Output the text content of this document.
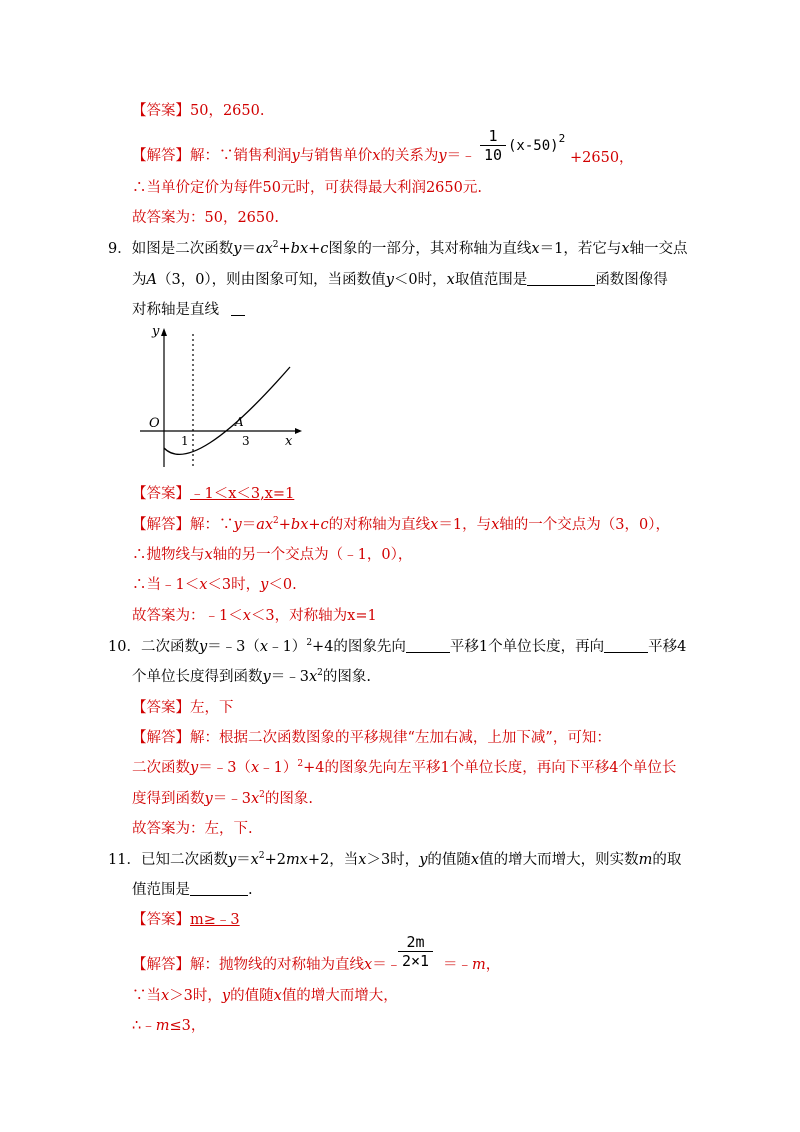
【答案】50，2650.
【解答】解：∵销售利润y与销售单价x的关系为y＝﹣ $\frac{1}{10} (x-50)^2$
+2650，
∴当单价定价为每件50元时，可获得最大利润2650元.
故答案为：50，2650.
9．如图是二次函数$y=ax^2+bx+c$图象的一部分，其对称轴为直线x＝1，若它与x轴一交点
为A（3，0），则由图象可知，当函数值y＜0时，x取值范围是	函数图像得
对称轴是直线
y
x
O
1	3
A
【答案】﹣1＜x＜3,x=1
【解答】解：$\because y=ax^2+bx+c$的对称轴为直线x＝1，与x轴的一个交点为（3，0），
∴抛物线与x轴的另一个交点为（﹣1，0），
∴当﹣1＜x＜3时，y＜0.
故答案为：﹣1＜x＜3，对称轴为x=1
10．二次函数y＝﹣3（x﹣1）$^2$+4的图象先向	平移1个单位长度，再向	平移4
个单位长度得到函数$y=﹣3x^2$的图象.
【答案】左，下
【解答】解：根据二次函数图象的平移规律“左加右减，上加下减”，可知：
二次函数y＝﹣3（x﹣1）$^2$+4的图象先向左平移1个单位长度，再向下平移4个单位长
度得到函数$y=﹣3x^2$的图象.
故答案为：左，下.
11．已知二次函数$y=x^2+2mx+2$，当x＞3时，y的值随x值的增大而增大，则实数m的取
值范围是	.
【答案】m≥﹣3
【解答】解：抛物线的对称轴为直线x＝﹣
$\frac{2m}{2\times 1}$ ＝﹣m，
∵当x＞3时，y的值随x值的增大而增大，
∴﹣m≤3，
